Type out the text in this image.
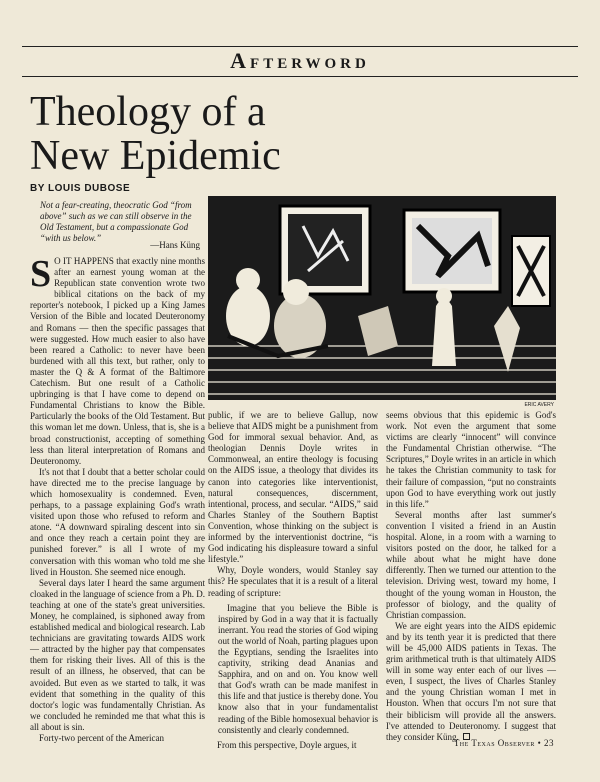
Afterword
Theology of a
New Epidemic
BY LOUIS DUBOSE
Not a fear-creating, theocratic God “from above” such as we can still observe in the Old Testament, but a compassionate God “with us below.”
—Hans Küng

S O IT HAPPENS that exactly nine months after an earnest young woman at the Republican state convention wrote two biblical citations on the back of my reporter's notebook, I picked up a King James Version of the Bible and located Deuteronomy and Romans — then the specific passages that were suggested. How much easier to also have been reared a Catholic: to never have been burdened with all this text, but rather, only to master the Q & A format of the Baltimore Catechism. But one result of a Catholic upbringing is that I have come to depend on Fundamental Christians to know the Bible. Particularly the books of the Old Testament. But this woman let me down. Unless, that is, she is a broad constructionist, accepting of something less than literal interpretation of Romans and Deuteronomy.

It's not that I doubt that a better scholar could have directed me to the precise language by which homosexuality is condemned. Even, perhaps, to a passage explaining God's wrath visited upon those who refused to reform and atone. “A downward spiraling descent into sin and once they reach a certain point they are punished forever.” is all I wrote of my conversation with this woman who told me she lived in Houston. She seemed nice enough.

Several days later I heard the same argument cloaked in the language of science from a Ph. D. teaching at one of the state's great universities. Money, he complained, is siphoned away from established medical and biological research. Lab technicians are gravitating towards AIDS work — attracted by the higher pay that compensates them for risking their lives. All of this is the result of an illness, he observed, that can be avoided. But even as we started to talk, it was evident that something in the quality of this doctor's logic was fundamentally Christian. As we concluded he reminded me that what this is all about is sin.

Forty-two percent of the American

ERIC AVERY

public, if we are to believe Gallup, now believe that AIDS might be a punishment from God for immoral sexual behavior. And, as theologian Dennis Doyle writes in Commonweal, an entire theology is focusing on the AIDS issue, a theology that divides its canon into categories like interventionist, natural consequences, discernment, intentional, process, and secular. “AIDS,” said Charles Stanley of the Southern Baptist Convention, whose thinking on the subject is informed by the interventionist doctrine, “is God indicating his displeasure toward a sinful lifestyle.”

Why, Doyle wonders, would Stanley say this? He speculates that it is a result of a literal reading of scripture:

Imagine that you believe the Bible is inspired by God in a way that it is factually inerrant. You read the stories of God wiping out the world of Noah, parting plagues upon the Egyptians, sending the Israelites into captivity, striking dead Ananias and Sapphira, and on and on. You know well that God's wrath can be made manifest in this life and that justice is thereby done. You know also that in your fundamentalist reading of the Bible homosexual behavior is consistently and clearly condemned.

From this perspective, Doyle argues, it

seems obvious that this epidemic is God's work. Not even the argument that some victims are clearly “innocent” will convince the Fundamental Christian otherwise. “The Scriptures,” Doyle writes in an article in which he takes the Christian community to task for their failure of compassion, “put no constraints upon God to have everything work out justly in this life.”

Several months after last summer's convention I visited a friend in an Austin hospital. Alone, in a room with a warning to visitors posted on the door, he talked for a while about what he might have done differently. Then we turned our attention to the television. Driving west, toward my home, I thought of the young woman in Houston, the professor of biology, and the quality of Christian compassion.

We are eight years into the AIDS epidemic and by its tenth year it is predicted that there will be 45,000 AIDS patients in Texas. The grim arithmetical truth is that ultimately AIDS will in some way enter each of our lives — even, I suspect, the lives of Charles Stanley and the young Christian woman I met in Houston. When that occurs I'm not sure that their biblicism will provide all the answers. I've attended to Deuteronomy. I suggest that they consider Küng.

The Texas Observer • 23
